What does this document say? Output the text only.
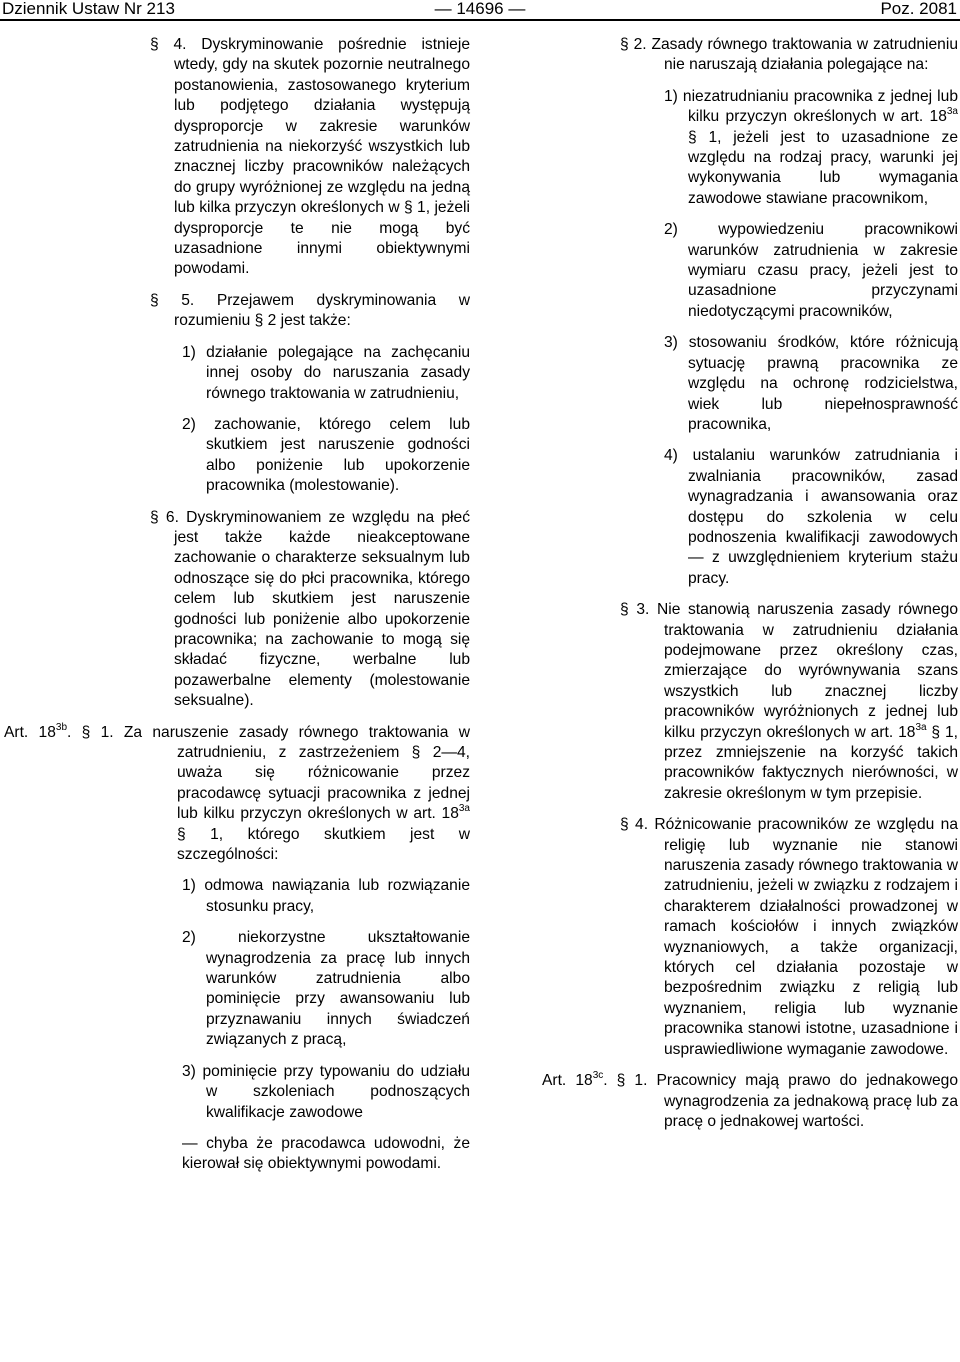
Dziennik Ustaw Nr 213	— 14696 —	Poz. 2081

§ 4. Dyskryminowanie pośrednie istnieje wtedy, gdy na skutek pozornie neutralnego postanowienia, zastosowanego kryterium lub podjętego działania występują dysproporcje w zakresie warunków zatrudnienia na niekorzyść wszystkich lub znacznej liczby pracowników należących do grupy wyróżnionej ze względu na jedną lub kilka przyczyn określonych w § 1, jeżeli dysproporcje te nie mogą być uzasadnione innymi obiektywnymi powodami.

§ 5. Przejawem dyskryminowania w rozumieniu § 2 jest także:

1) działanie polegające na zachęcaniu innej osoby do naruszania zasady równego traktowania w zatrudnieniu,

2) zachowanie, którego celem lub skutkiem jest naruszenie godności albo poniżenie lub upokorzenie pracownika (molestowanie).

§ 6. Dyskryminowaniem ze względu na płeć jest także każde nieakceptowane zachowanie o charakterze seksualnym lub odnoszące się do płci pracownika, którego celem lub skutkiem jest naruszenie godności lub poniżenie albo upokorzenie pracownika; na zachowanie to mogą się składać fizyczne, werbalne lub pozawerbalne elementy (molestowanie seksualne).

Art. $18^{3b}$. § 1. Za naruszenie zasady równego traktowania w zatrudnieniu, z zastrzeżeniem § 2—4, uważa się różnicowanie przez pracodawcę sytuacji pracownika z jednej lub kilku przyczyn określonych w art. $18^{3a}$ § 1, którego skutkiem jest w szczególności:

1) odmowa nawiązania lub rozwiązanie stosunku pracy,

2) niekorzystne ukształtowanie wynagrodzenia za pracę lub innych warunków zatrudnienia albo pominięcie przy awansowaniu lub przyznawaniu innych świadczeń związanych z pracą,

3) pominięcie przy typowaniu do udziału w szkoleniach podnoszących kwalifikacje zawodowe

— chyba że pracodawca udowodni, że kierował się obiektywnymi powodami.

§ 2. Zasady równego traktowania w zatrudnieniu nie naruszają działania polegające na:

1) niezatrudnianiu pracownika z jednej lub kilku przyczyn określonych w art. $18^{3a}$ § 1, jeżeli jest to uzasadnione ze względu na rodzaj pracy, warunki jej wykonywania lub wymagania zawodowe stawiane pracownikom,

2) wypowiedzeniu pracownikowi warunków zatrudnienia w zakresie wymiaru czasu pracy, jeżeli jest to uzasadnione przyczynami niedotyczącymi pracowników,

3) stosowaniu środków, które różnicują sytuację prawną pracownika ze względu na ochronę rodzicielstwa, wiek lub niepełnosprawność pracownika,

4) ustalaniu warunków zatrudniania i zwalniania pracowników, zasad wynagradzania i awansowania oraz dostępu do szkolenia w celu podnoszenia kwalifikacji zawodowych — z uwzględnieniem kryterium stażu pracy.

§ 3. Nie stanowią naruszenia zasady równego traktowania w zatrudnieniu działania podejmowane przez określony czas, zmierzające do wyrównywania szans wszystkich lub znacznej liczby pracowników wyróżnionych z jednej lub kilku przyczyn określonych w art. $18^{3a}$ § 1, przez zmniejszenie na korzyść takich pracowników faktycznych nierówności, w zakresie określonym w tym przepisie.

§ 4. Różnicowanie pracowników ze względu na religię lub wyznanie nie stanowi naruszenia zasady równego traktowania w zatrudnieniu, jeżeli w związku z rodzajem i charakterem działalności prowadzonej w ramach kościołów i innych związków wyznaniowych, a także organizacji, których cel działania pozostaje w bezpośrednim związku z religią lub wyznaniem, religia lub wyznanie pracownika stanowi istotne, uzasadnione i usprawiedliwione wymaganie zawodowe.

Art. $18^{3c}$. § 1. Pracownicy mają prawo do jednakowego wynagrodzenia za jednakową pracę lub za pracę o jednakowej wartości.
